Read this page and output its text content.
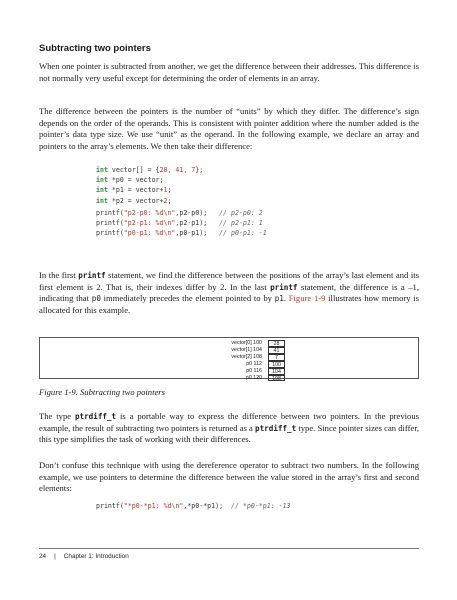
Subtracting two pointers

When one pointer is subtracted from another, we get the difference between their addresses. This difference is not normally very useful except for determining the order of elements in an array.

The difference between the pointers is the number of “units” by which they differ. The difference’s sign depends on the order of the operands. This is consistent with pointer addition where the number added is the pointer’s data type size. We use “unit” as the operand. In the following example, we declare an array and pointers to the array’s elements. We then take their difference:

int vector[] = {28, 41, 7};
int *p0 = vector;
int *p1 = vector+1;
int *p2 = vector+2;
printf("p2-p0: %d\n",p2-p0);   // p2-p0: 2
printf("p2-p1: %d\n",p2-p1);   // p2-p1: 1
printf("p0-p1: %d\n",p0-p1);   // p0-p1: -1

In the first printf statement, we find the difference between the positions of the array’s last element and its first element is 2. That is, their indexes differ by 2. In the last printf statement, the difference is a –1, indicating that p0 immediately precedes the element pointed to by p1. Figure 1-9 illustrates how memory is allocated for this example.

vector[0] 100	28
vector[1] 104	41
vector[2] 108	7
p0 112	100
p0 116	104
p0 120	108
Figure 1-9. Subtracting two pointers

The type ptrdiff_t is a portable way to express the difference between two pointers. In the previous example, the result of subtracting two pointers is returned as a ptrdiff_t type. Since pointer sizes can differ, this type simplifies the task of working with their differences.

Don’t confuse this technique with using the dereference operator to subtract two numbers. In the following example, we use pointers to determine the difference between the value stored in the array’s first and second elements:

printf("*p0-*p1: %d\n",*p0-*p1);  // *p0-*p1: -13
24 | Chapter 1: Introduction
